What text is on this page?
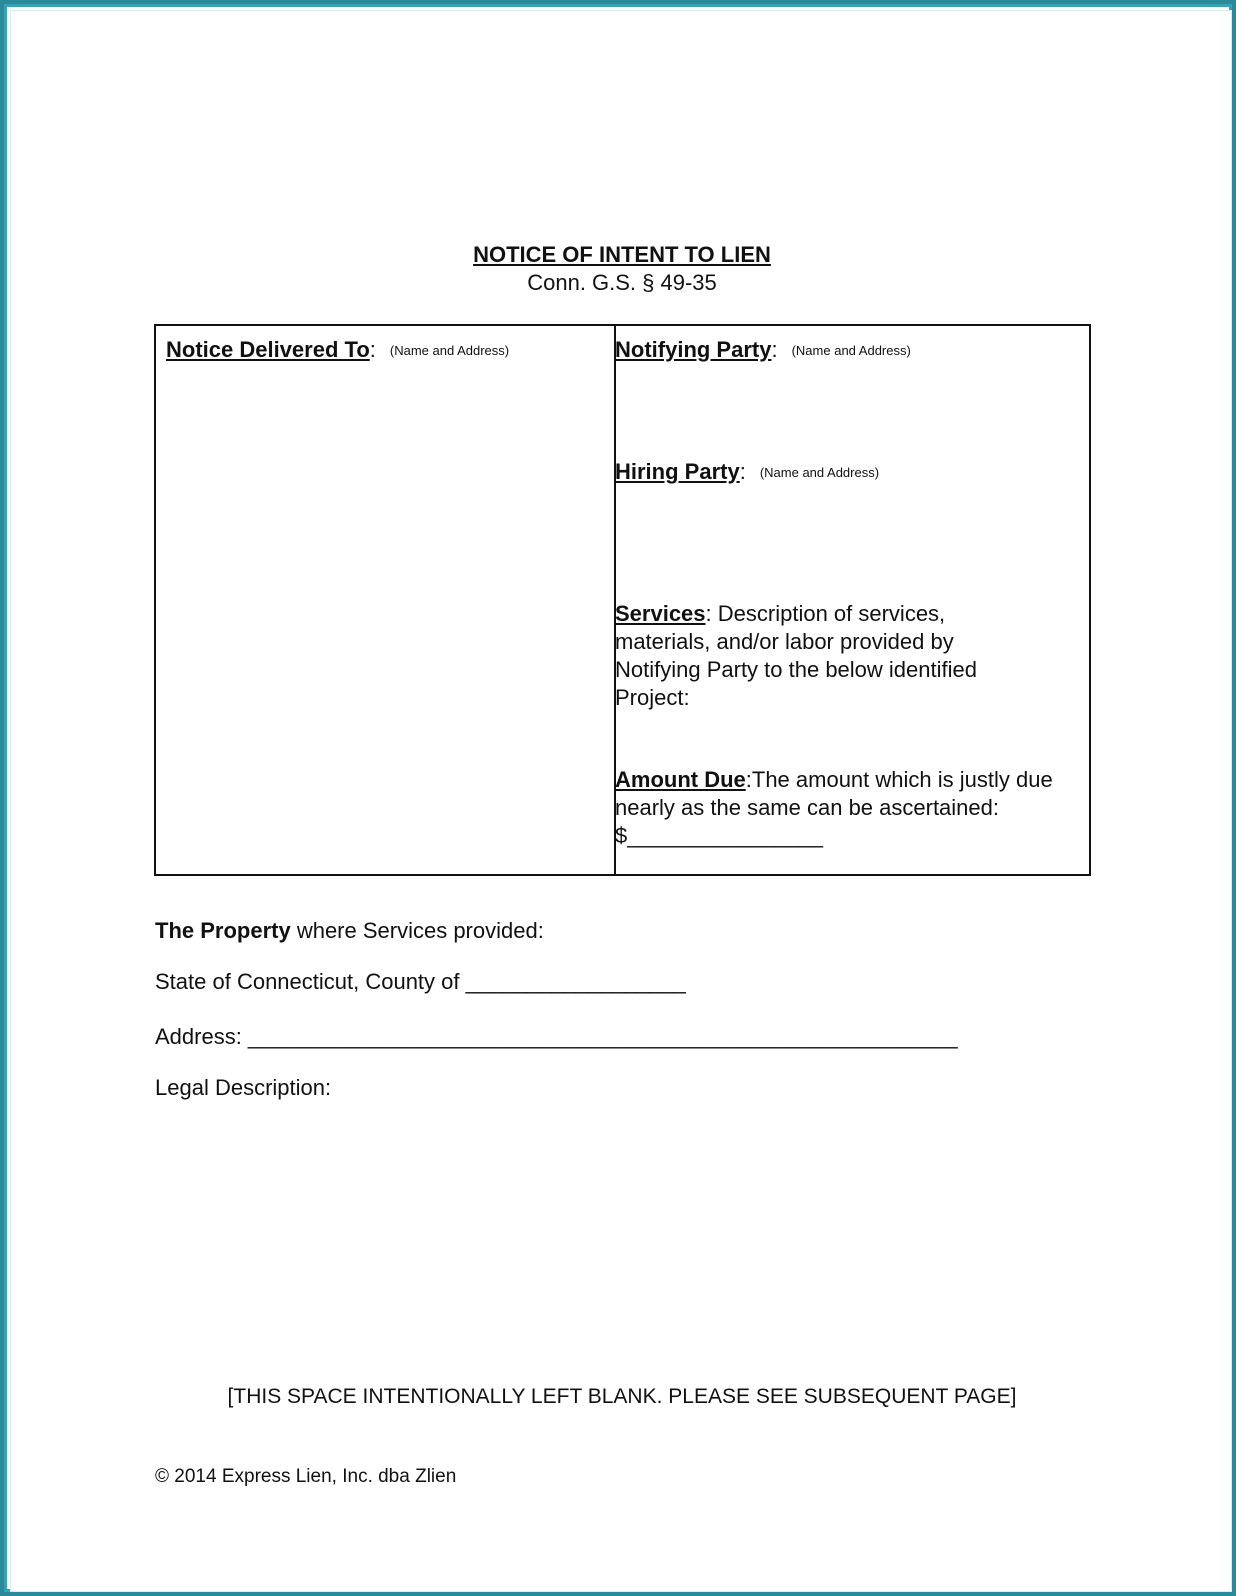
NOTICE OF INTENT TO LIEN
Conn. G.S. § 49-35
Notice Delivered To: (Name and Address)	Notifying Party: (Name and Address)
Hiring Party: (Name and Address)
Services: Description of services, materials, and/or labor provided by Notifying Party to the below identified Project:
Amount Due:The amount which is justly due nearly as the same can be ascertained: $________________
The Property where Services provided:
State of Connecticut, County of __________________
Address: __________________________________________________________
Legal Description:
[THIS SPACE INTENTIONALLY LEFT BLANK. PLEASE SEE SUBSEQUENT PAGE]
© 2014 Express Lien, Inc. dba Zlien
